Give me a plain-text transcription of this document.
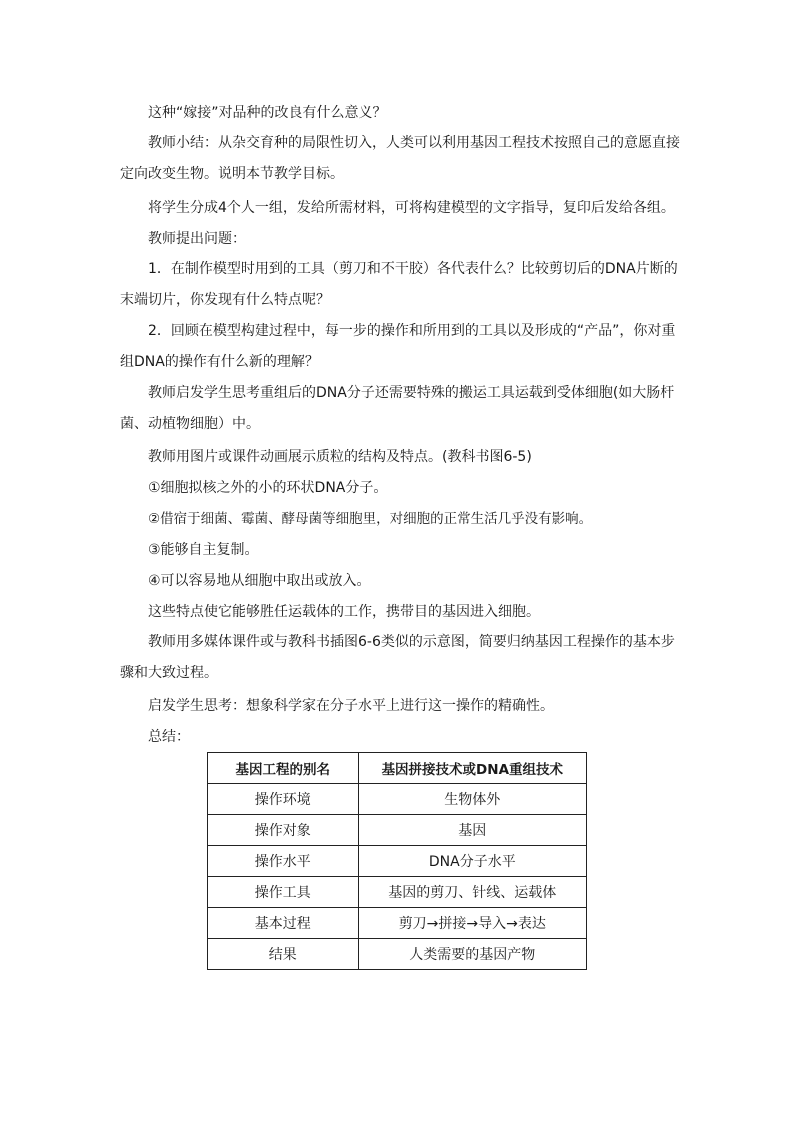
这种“嫁接”对品种的改良有什么意义？
教师小结：从杂交育种的局限性切入，人类可以利用基因工程技术按照自己的意愿直接定向改变生物。说明本节教学目标。
将学生分成4个人一组，发给所需材料，可将构建模型的文字指导，复印后发给各组。
教师提出问题：
1．在制作模型时用到的工具（剪刀和不干胶）各代表什么？比较剪切后的DNA片断的末端切片，你发现有什么特点呢？
2．回顾在模型构建过程中，每一步的操作和所用到的工具以及形成的“产品”，你对重组DNA的操作有什么新的理解？
教师启发学生思考重组后的DNA分子还需要特殊的搬运工具运载到受体细胞(如大肠杆菌、动植物细胞）中。
教师用图片或课件动画展示质粒的结构及特点。(教科书图6-5)
①细胞拟核之外的小的环状DNA分子。
②借宿于细菌、霉菌、酵母菌等细胞里，对细胞的正常生活几乎没有影响。
③能够自主复制。
④可以容易地从细胞中取出或放入。
这些特点使它能够胜任运载体的工作，携带目的基因进入细胞。
教师用多媒体课件或与教科书插图6-6类似的示意图，简要归纳基因工程操作的基本步骤和大致过程。
启发学生思考：想象科学家在分子水平上进行这一操作的精确性。
总结：
基因工程的别名	基因拼接技术或DNA重组技术
操作环境	生物体外
操作对象	基因
操作水平	DNA分子水平
操作工具	基因的剪刀、针线、运载体
基本过程	剪刀→拼接→导入→表达
结果	人类需要的基因产物
